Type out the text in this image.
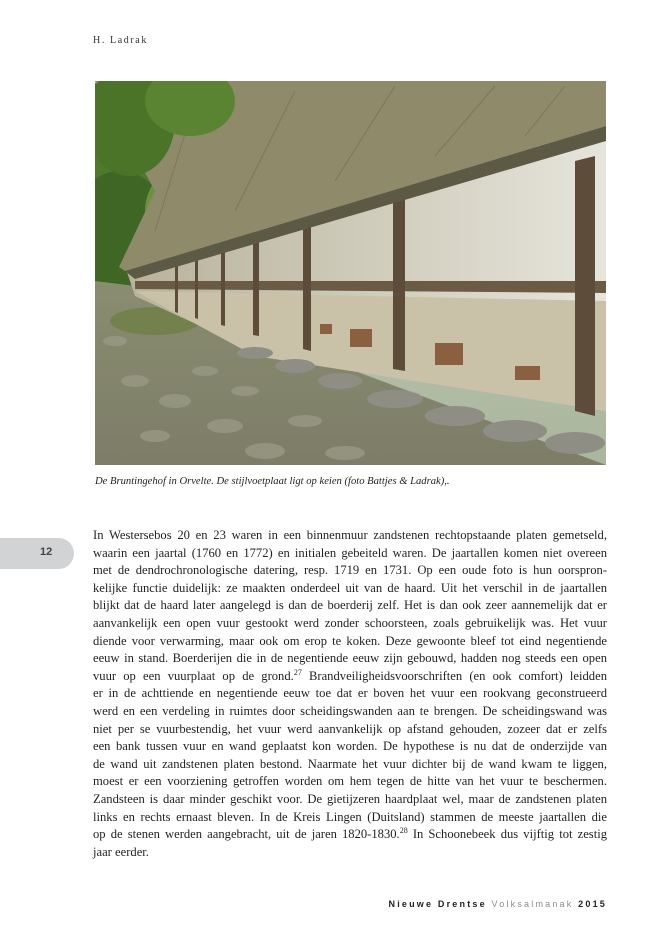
H. Ladrak
De Bruntingehof in Orvelte. De stijlvoetplaat ligt op keien (foto Battjes & Ladrak),.
12
In Westersebos 20 en 23 waren in een binnenmuur zandstenen rechtopstaande platen gemetseld,
waarin een jaartal (1760 en 1772) en initialen gebeiteld waren. De jaartallen komen niet overeen
met de dendrochronologische datering, resp. 1719 en 1731. Op een oude foto is hun oorspron-
kelijke functie duidelijk: ze maakten onderdeel uit van de haard. Uit het verschil in de jaartallen
blijkt dat de haard later aangelegd is dan de boerderij zelf. Het is dan ook zeer aannemelijk dat er
aanvankelijk een open vuur gestookt werd zonder schoorsteen, zoals gebruikelijk was. Het vuur
diende voor verwarming, maar ook om erop te koken. Deze gewoonte bleef tot eind negentiende
eeuw in stand. Boerderijen die in de negentiende eeuw zijn gebouwd, hadden nog steeds een open
vuur op een vuurplaat op de grond.$^{27}$ Brandveiligheidsvoorschriften (en ook comfort) leidden
er in de achttiende en negentiende eeuw toe dat er boven het vuur een rookvang geconstrueerd
werd en een verdeling in ruimtes door scheidingswanden aan te brengen. De scheidingswand was
niet per se vuurbestendig, het vuur werd aanvankelijk op afstand gehouden, zozeer dat er zelfs
een bank tussen vuur en wand geplaatst kon worden. De hypothese is nu dat de onderzijde van
de wand uit zandstenen platen bestond. Naarmate het vuur dichter bij de wand kwam te liggen,
moest er een voorziening getroffen worden om hem tegen de hitte van het vuur te beschermen.
Zandsteen is daar minder geschikt voor. De gietijzeren haardplaat wel, maar de zandstenen platen
links en rechts ernaast bleven. In de Kreis Lingen (Duitsland) stammen de meeste jaartallen die
op de stenen werden aangebracht, uit de jaren 1820-1830.28 In Schoonebeek dus vijftig tot zestig
jaar eerder.
Nieuwe Drentse Volksalmanak 2015
